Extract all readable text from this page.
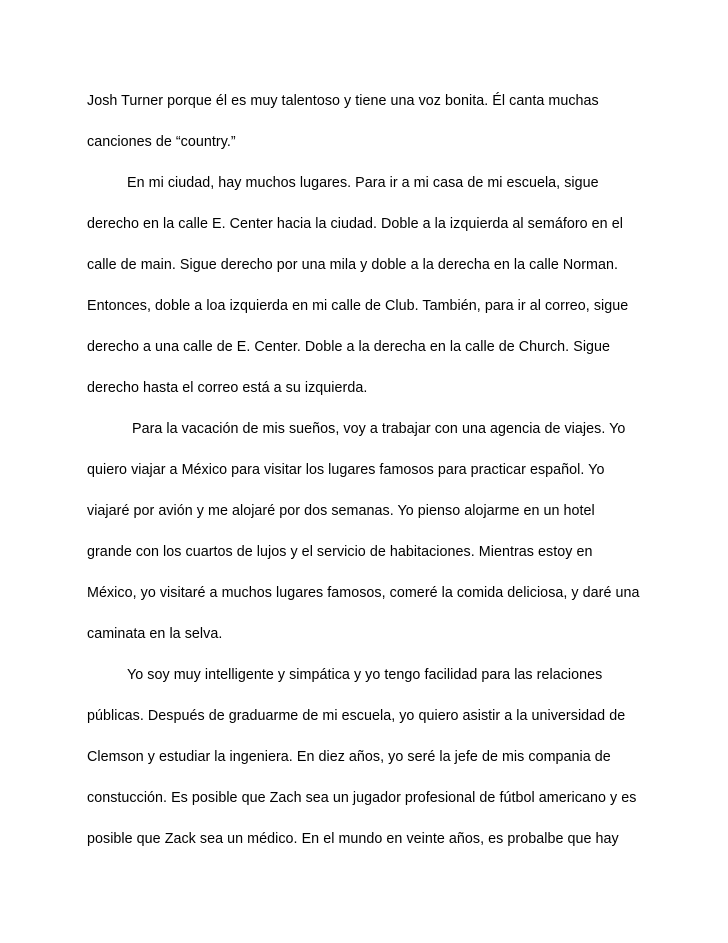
Josh Turner porque él es muy talentoso y tiene una voz bonita. Él canta muchas
canciones de “country.”
En mi ciudad, hay muchos lugares. Para ir a mi casa de mi escuela, sigue
derecho en la calle E. Center hacia la ciudad. Doble a la izquierda al semáforo en el
calle de main. Sigue derecho por una mila y doble a la derecha en la calle Norman.
Entonces, doble a loa izquierda en mi calle de Club. También, para ir al correo, sigue
derecho a una calle de E. Center. Doble a la derecha en la calle de Church. Sigue
derecho hasta el correo está a su izquierda.
Para la vacación de mis sueños, voy a trabajar con una agencia de viajes. Yo
quiero viajar a México para visitar los lugares famosos para practicar español. Yo
viajaré por avión y me alojaré por dos semanas. Yo pienso alojarme en un hotel
grande con los cuartos de lujos y el servicio de habitaciones. Mientras estoy en
México, yo visitaré a muchos lugares famosos, comeré la comida deliciosa, y daré una
caminata en la selva.
Yo soy muy intelligente y simpática y yo tengo facilidad para las relaciones
públicas. Después de graduarme de mi escuela, yo quiero asistir a la universidad de
Clemson y estudiar la ingeniera. En diez años, yo seré la jefe de mis compania de
constucción. Es posible que Zach sea un jugador profesional de fútbol americano y es
posible que Zack sea un médico. En el mundo en veinte años, es probalbe que hay
